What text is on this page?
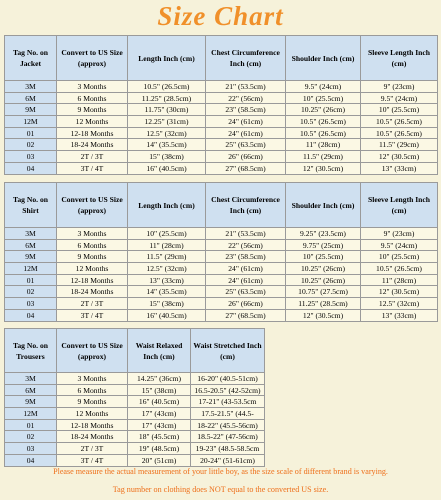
Size Chart
Tag No. on Jacket	Convert to US Size (approx)	Length Inch (cm)	Chest Circumference Inch (cm)	Shoulder Inch (cm)	Sleeve Length Inch (cm)
3M	3 Months	10.5" (26.5cm)	21" (53.5cm)	9.5" (24cm)	9" (23cm)
6M	6 Months	11.25" (28.5cm)	22" (56cm)	10" (25.5cm)	9.5" (24cm)
9M	9 Months	11.75" (30cm)	23" (58.5cm)	10.25" (26cm)	10" (25.5cm)
12M	12 Months	12.25" (31cm)	24" (61cm)	10.5" (26.5cm)	10.5" (26.5cm)
01	12-18 Months	12.5" (32cm)	24" (61cm)	10.5" (26.5cm)	10.5" (26.5cm)
02	18-24 Months	14" (35.5cm)	25" (63.5cm)	11" (28cm)	11.5" (29cm)
03	2T / 3T	15" (38cm)	26" (66cm)	11.5" (29cm)	12" (30.5cm)
04	3T / 4T	16" (40.5cm)	27" (68.5cm)	12" (30.5cm)	13" (33cm)
Tag No. on Shirt	Convert to US Size (approx)	Length Inch (cm)	Chest Circumference Inch (cm)	Shoulder Inch (cm)	Sleeve Length Inch (cm)
3M	3 Months	10" (25.5cm)	21" (53.5cm)	9.25" (23.5cm)	9" (23cm)
6M	6 Months	11" (28cm)	22" (56cm)	9.75" (25cm)	9.5" (24cm)
9M	9 Months	11.5" (29cm)	23" (58.5cm)	10" (25.5cm)	10" (25.5cm)
12M	12 Months	12.5" (32cm)	24" (61cm)	10.25" (26cm)	10.5" (26.5cm)
01	12-18 Months	13" (33cm)	24" (61cm)	10.25" (26cm)	11" (28cm)
02	18-24 Months	14" (35.5cm)	25" (63.5cm)	10.75" (27.5cm)	12" (30.5cm)
03	2T / 3T	15" (38cm)	26" (66cm)	11.25" (28.5cm)	12.5" (32cm)
04	3T / 4T	16" (40.5cm)	27" (68.5cm)	12" (30.5cm)	13" (33cm)
Tag No. on Trousers	Convert to US Size (approx)	Waist Relaxed Inch (cm)	Waist Stretched Inch (cm)
3M	3 Months	14.25" (36cm)	16-20" (40.5-51cm)
6M	6 Months	15" (38cm)	16.5-20.5" (42-52cm)
9M	9 Months	16" (40.5cm)	17-21" (43-53.5cm
12M	12 Months	17" (43cm)	17.5-21.5" (44.5-
01	12-18 Months	17" (43cm)	18-22" (45.5-56cm)
02	18-24 Months	18" (45.5cm)	18.5-22" (47-56cm)
03	2T / 3T	19" (48.5cm)	19-23" (48.5-58.5cm
04	3T / 4T	20" (51cm)	20-24" (51-61cm)
Please measure the actual measurement of your little boy, as the size scale of different brand is varying.
Tag number on clothing does NOT equal to the converted US size.
